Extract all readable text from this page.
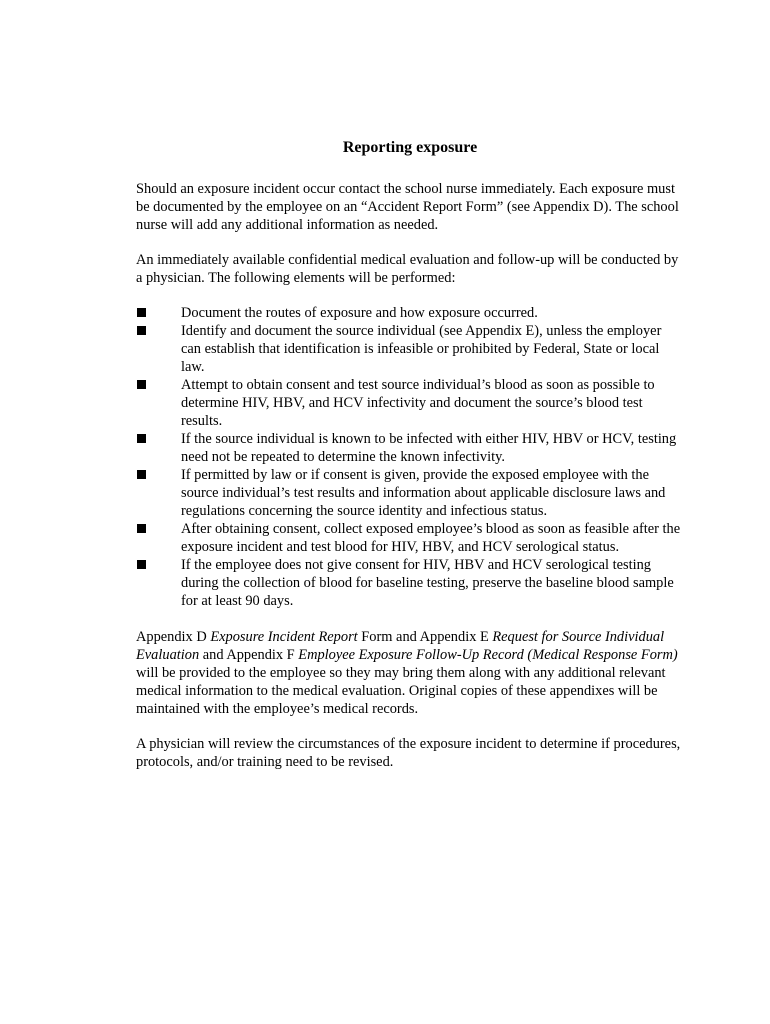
Reporting exposure

Should an exposure incident occur contact the school nurse immediately. Each exposure must be documented by the employee on an “Accident Report Form” (see Appendix D). The school nurse will add any additional information as needed.

An immediately available confidential medical evaluation and follow-up will be conducted by a physician. The following elements will be performed:

Document the routes of exposure and how exposure occurred.
Identify and document the source individual (see Appendix E), unless the employer can establish that identification is infeasible or prohibited by Federal, State or local law.
Attempt to obtain consent and test source individual’s blood as soon as possible to determine HIV, HBV, and HCV infectivity and document the source’s blood test results.
If the source individual is known to be infected with either HIV, HBV or HCV, testing need not be repeated to determine the known infectivity.
If permitted by law or if consent is given, provide the exposed employee with the source individual’s test results and information about applicable disclosure laws and regulations concerning the source identity and infectious status.
After obtaining consent, collect exposed employee’s blood as soon as feasible after the exposure incident and test blood for HIV, HBV, and HCV serological status.
If the employee does not give consent for HIV, HBV and HCV serological testing during the collection of blood for baseline testing, preserve the baseline blood sample for at least 90 days.

Appendix D Exposure Incident Report Form and Appendix E Request for Source Individual Evaluation and Appendix F Employee Exposure Follow-Up Record (Medical Response Form) will be provided to the employee so they may bring them along with any additional relevant medical information to the medical evaluation. Original copies of these appendixes will be maintained with the employee’s medical records.

A physician will review the circumstances of the exposure incident to determine if procedures, protocols, and/or training need to be revised.
